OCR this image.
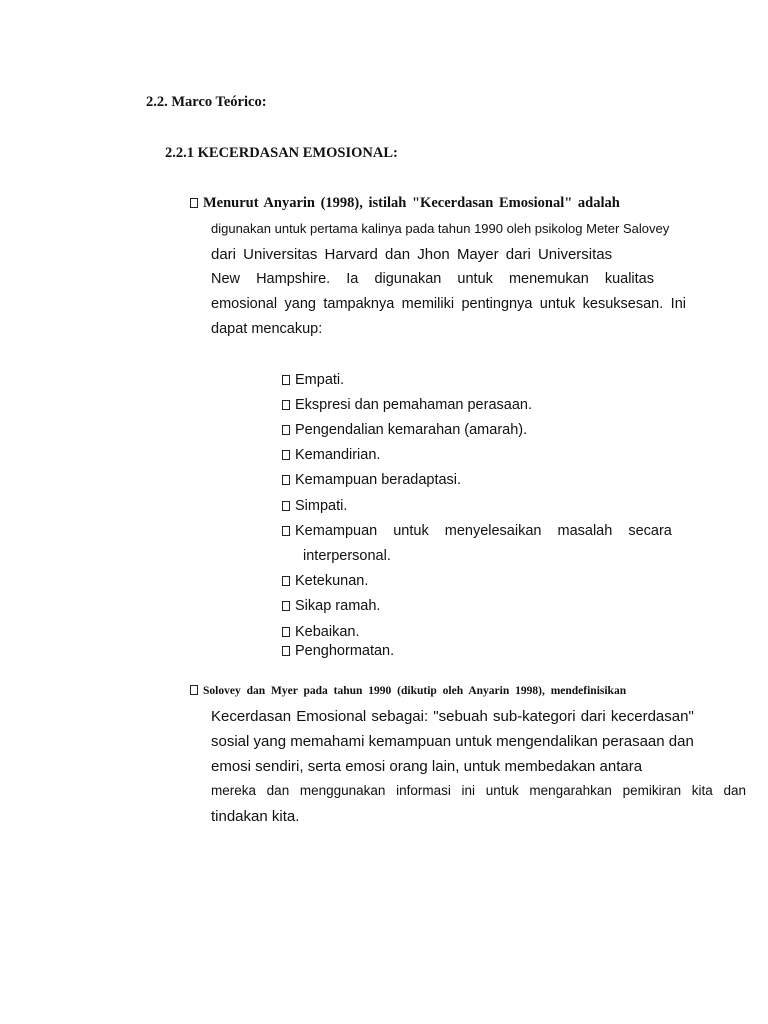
2.2. Marco Teórico:
2.2.1 KECERDASAN EMOSIONAL:
Menurut Anyarin (1998), istilah "Kecerdasan Emosional" adalah
digunakan untuk pertama kalinya pada tahun 1990 oleh psikolog Meter Salovey
dari Universitas Harvard dan Jhon Mayer dari Universitas
New Hampshire. Ia digunakan untuk menemukan kualitas
emosional yang tampaknya memiliki pentingnya untuk kesuksesan. Ini
dapat mencakup:
Empati.
Ekspresi dan pemahaman perasaan.
Pengendalian kemarahan (amarah).
Kemandirian.
Kemampuan beradaptasi.
Simpati.
Kemampuan untuk menyelesaikan masalah secara
interpersonal.
Ketekunan.
Sikap ramah.
Kebaikan.
Penghormatan.
Solovey dan Myer pada tahun 1990 (dikutip oleh Anyarin 1998), mendefinisikan
Kecerdasan Emosional sebagai: "sebuah sub-kategori dari kecerdasan"
sosial yang memahami kemampuan untuk mengendalikan perasaan dan
emosi sendiri, serta emosi orang lain, untuk membedakan antara
mereka dan menggunakan informasi ini untuk mengarahkan pemikiran kita dan
tindakan kita.
